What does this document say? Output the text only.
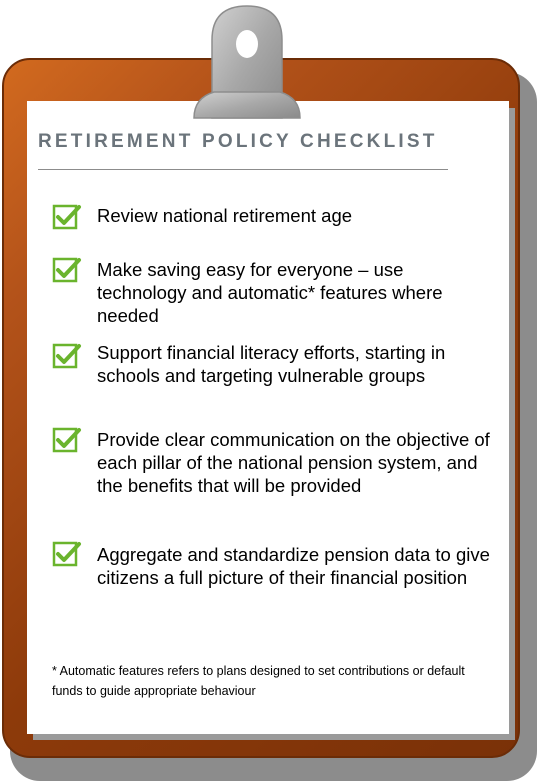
RETIREMENT POLICY CHECKLIST
Review national retirement age
Make saving easy for everyone – use technology and automatic* features where needed
Support financial literacy efforts, starting in schools and targeting vulnerable groups
Provide clear communication on the objective of each pillar of the national pension system, and the benefits that will be provided
Aggregate and standardize pension data to give citizens a full picture of their financial position
* Automatic features refers to plans designed to set contributions or default funds to guide appropriate behaviour
